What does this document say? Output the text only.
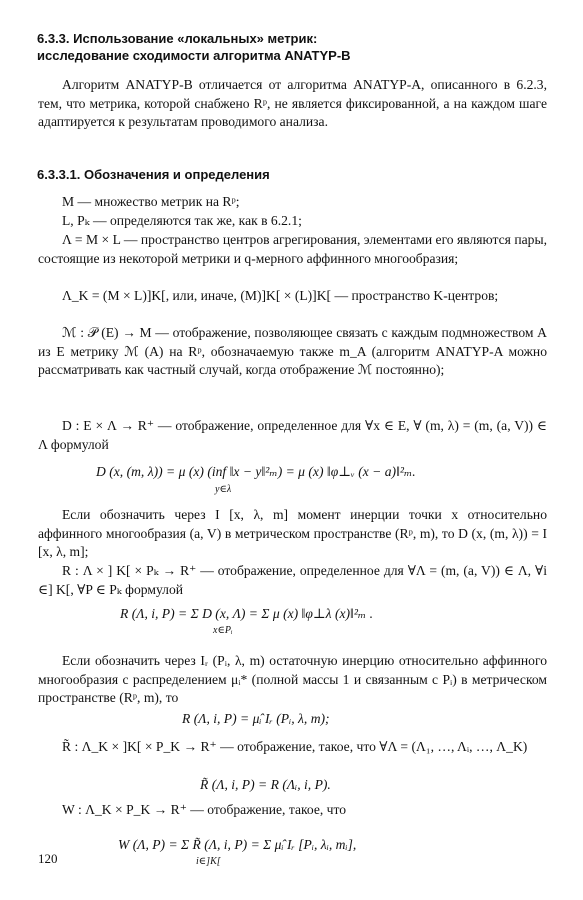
6.3.3. Использование «локальных» метрик:
исследование сходимости алгоритма ANATYP-B

Алгоритм ANATYP-B отличается от алгоритма ANATYP-A, описанного в 6.2.3, тем, что метрика, которой снабжено Rᵖ, не является фиксированной, а на каждом шаге адаптируется к результатам проводимого анализа.

6.3.3.1. Обозначения и определения

M — множество метрик на Rᵖ;

L, Pₖ — определяются так же, как в 6.2.1;

Λ = M × L — пространство центров агрегирования, элементами его являются пары, состоящие из некоторой метрики и q-мерного аффинного многообразия;

Λ_K = (M × L)]K[, или, иначе, (M)]K[ × (L)]K[ — пространство K-центров;

ℳ : 𝒫 (E) → M — отображение, позволяющее связать с каждым подмножеством A из E метрику ℳ (A) на Rᵖ, обозначаемую также m_A (алгоритм ANATYP-A можно рассматривать как частный случай, когда отображение ℳ постоянно);

D : E × Λ → R⁺ — отображение, определенное для ∀x ∈ E, ∀ (m, λ) = (m, (a, V)) ∈ Λ формулой

D (x, (m, λ)) = μ (x) (inf ‖x − y‖²ₘ) = μ (x) ‖φ⊥ᵥ (x − a)‖²ₘ.
y∈λ

Если обозначить через I [x, λ, m] момент инерции точки x относительно аффинного многообразия (a, V) в метрическом пространстве (Rᵖ, m), то D (x, (m, λ)) = I [x, λ, m];

R : Λ × ] K[ × Pₖ → R⁺ — отображение, определенное для ∀Λ = (m, (a, V)) ∈ Λ, ∀i ∈] K[, ∀P ∈ Pₖ формулой

R (Λ, i, P) = Σ D (x, Λ) = Σ μ (x) ‖φ⊥λ (x)‖²ₘ .
x∈Pᵢ

Если обозначить через Iᵣ (Pᵢ, λ, m) остаточную инерцию относительно аффинного многообразия с распределением μᵢ* (полной массы 1 и связанным с Pᵢ) в метрическом пространстве (Rᵖ, m), то

R (Λ, i, P) = μ̂ᵢ Iᵣ (Pᵢ, λ, m);

R̃ : Λ_K × ]K[ × P_K → R⁺ — отображение, такое, что ∀Λ = (Λ₁, …, Λᵢ, …, Λ_K)

R̃ (Λ, i, P) = R (Λᵢ, i, P).

W : Λ_K × P_K → R⁺ — отображение, такое, что

W (Λ, P) = Σ R̃ (Λ, i, P) = Σ μ̂ᵢ Iᵣ [Pᵢ, λᵢ, mᵢ],
i∈]K[
120
